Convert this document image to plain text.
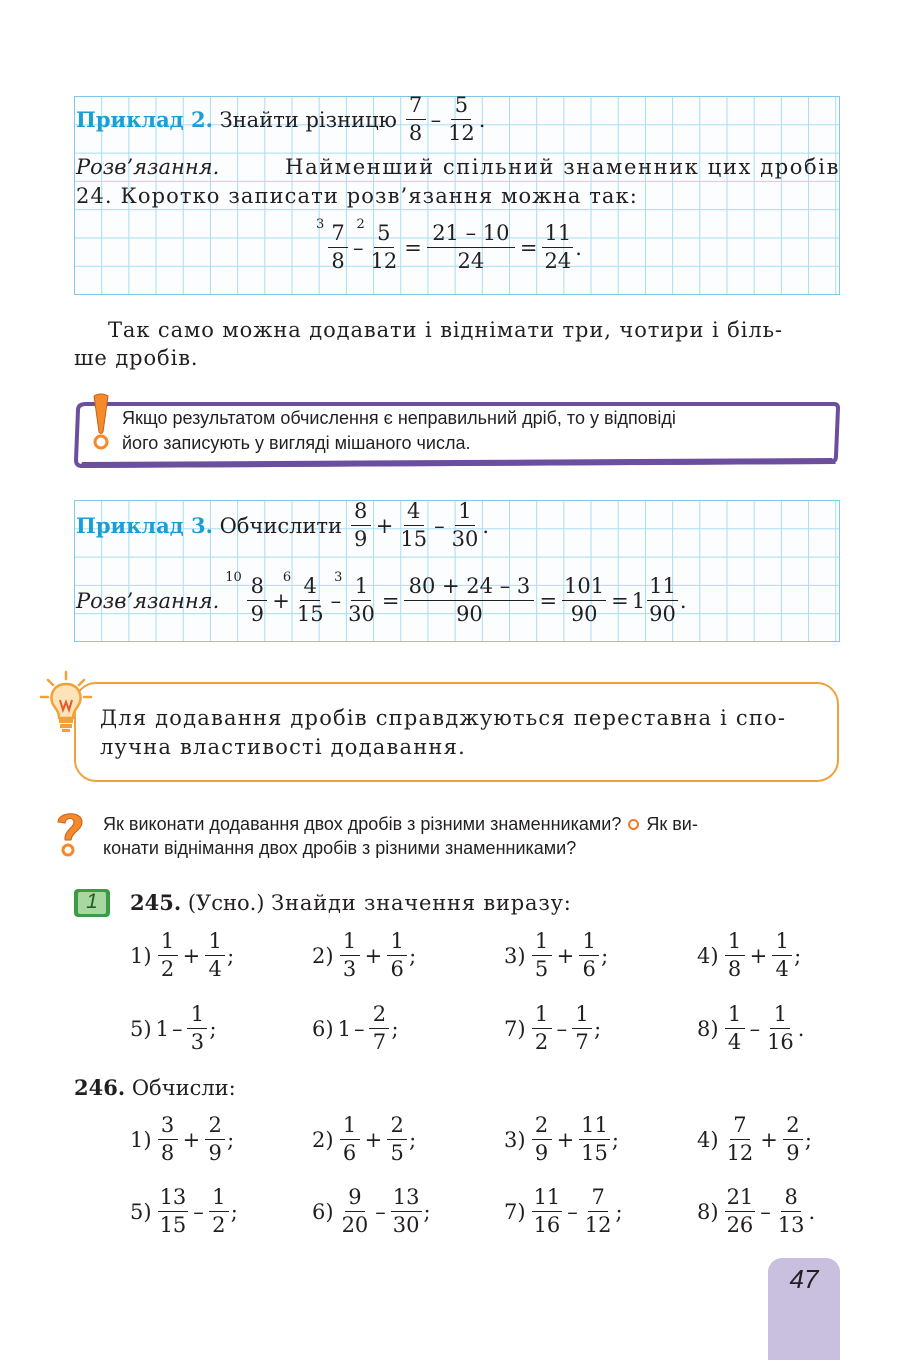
Приклад 2.
Знайти різницю

7
8
–
5
12
.
Розв’язання.	Найменший спільний знаменник цих дробів
24. Коротко записати розв’язання можна так:
$3 \frac{7}{8}$ –
$2 \frac{5}{12} = \frac{21 - 10}{24} = \frac{11}{24}$ .
Так само можна додавати і віднімати три, чотири і біль-
ше дробів.
Якщо результатом обчислення є неправильний дріб, то у відповіді
його записують у вигляді мішаного числа.
Приклад 3.
Обчислити

8
9
+ $\frac{4}{15}$ –
1
30
.
Розв’язання.
$10 \frac{8}{9}$ +
$6 \frac{4}{15}$ –
$3 \frac{1}{30} = \frac{80 + 24 - 3}{90} = \frac{101}{90} = 1$
11
90
.
Для додавання дробів справджуються переставна і спо-
лучна властивості додавання.
Як виконати додавання двох дробів з різними знаменниками? Як ви-
конати віднімання двох дробів з різними знаменниками?
1	245. (Усно.) Знайди значення виразу:
1)
1
2
+ $\frac{1}{4}$ ;	2)
1
3
+ $\frac{1}{6}$ ;	3)
1
5
+ $\frac{1}{6}$ ;	4)
1
8
+ $\frac{1}{4}$ ;
5) 1 –
1
3
;	6) 1 –
2
7
;	7)
1
2
–
1
7
;	8)
1
4
–
1
16
.
246. Обчисли:
1)
3
8
+ $\frac{2}{9}$ ;	2)
1
6
+ $\frac{2}{5}$ ;	3)
2
9
+ $\frac{11}{15}$ ;	4)
7
12
+ $\frac{2}{9}$ ;
5)
13
15
–
1
2
;	6)
9
20
–
13
30
;	7)
11
16
–
7
12
;	8)
21
26
–
8
13
.
47
